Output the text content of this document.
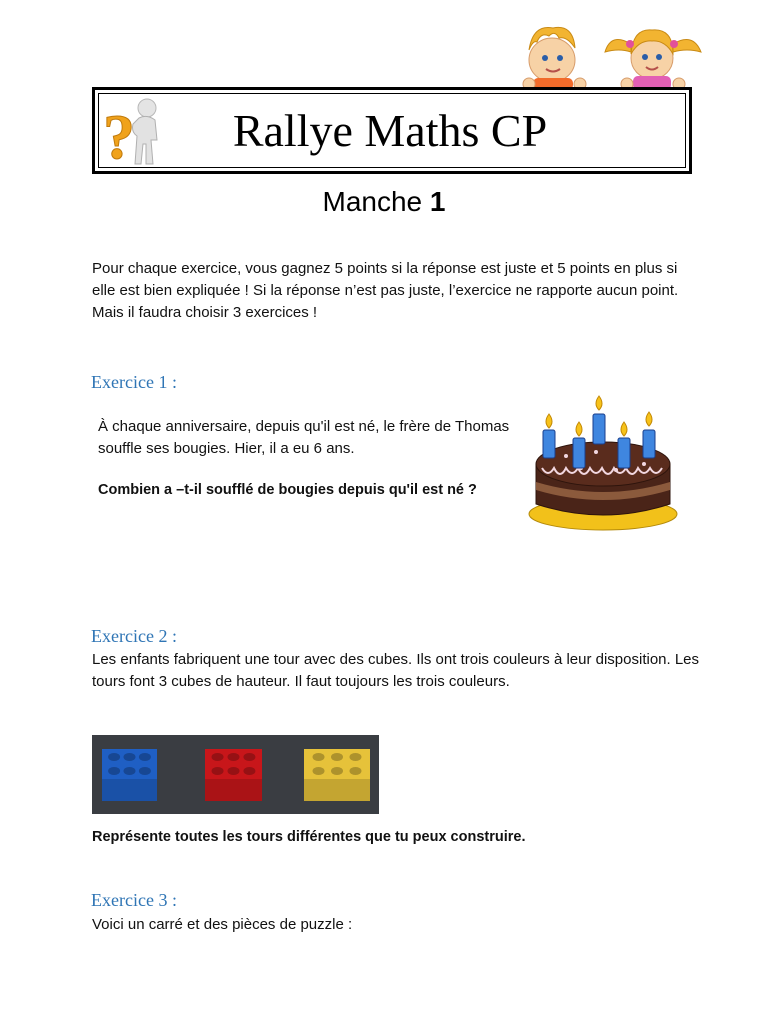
?	Rallye Maths CP
Manche 1
Pour chaque exercice, vous gagnez 5 points si la réponse est juste et 5 points en plus si elle est bien expliquée ! Si la réponse n’est pas juste, l’exercice ne rapporte aucun point. Mais il faudra choisir 3 exercices !
Exercice 1 :
À chaque anniversaire, depuis qu'il est né, le frère de Thomas souffle ses bougies. Hier, il a eu 6 ans.
Combien a –t-il soufflé de bougies depuis qu'il est né ?
Exercice 2 :
Les enfants fabriquent une tour avec des cubes. Ils ont trois couleurs à leur disposition. Les tours font 3 cubes de hauteur. Il faut toujours les trois couleurs.
Représente toutes les tours différentes que tu peux construire.
Exercice 3 :
Voici un carré et des pièces de puzzle :
